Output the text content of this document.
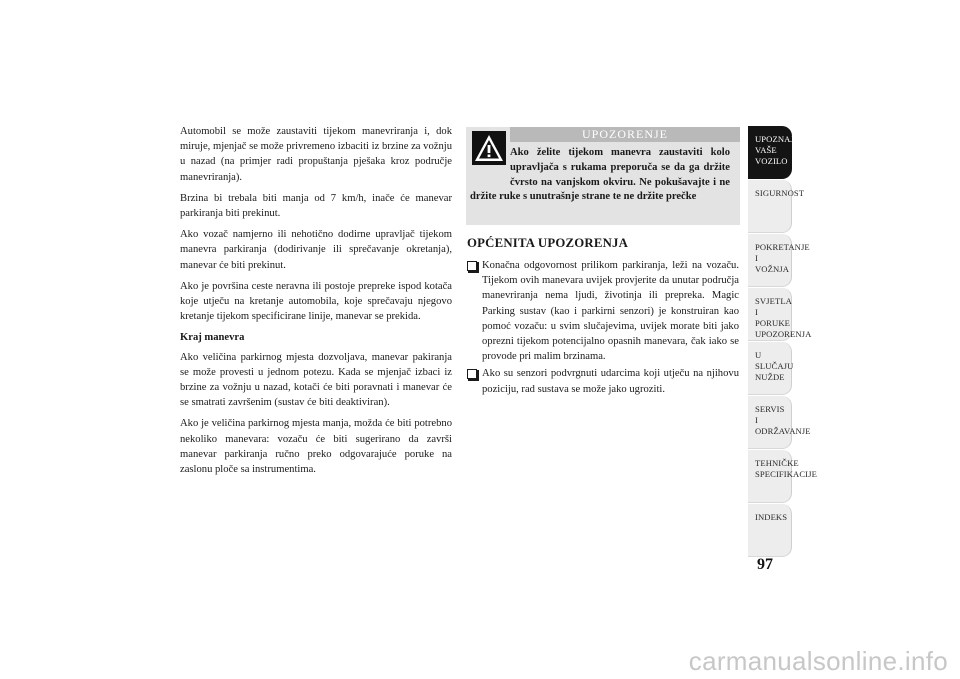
Automobil se može zaustaviti tijekom manevriranja i, dok miruje, mjenjač se može privremeno izbaciti iz brzine za vožnju u nazad (na primjer radi propuštanja pješaka kroz područje manevriranja).

Brzina bi trebala biti manja od 7 km/h, inače će manevar parkiranja biti prekinut.

Ako vozač namjerno ili nehotično dodirne upravljač tijekom manevra parkiranja (dodirivanje ili sprečavanje okretanja), manevar će biti prekinut.

Ako je površina ceste neravna ili postoje prepreke ispod kotača koje utječu na kretanje automobila, koje sprečavaju njegovo kretanje tijekom specificirane linije, manevar se prekida.

Kraj manevra

Ako veličina parkirnog mjesta dozvoljava, manevar pakiranja se može provesti u jednom potezu. Kada se mjenjač izbaci iz brzine za vožnju u nazad, kotači će biti poravnati i manevar će se smatrati završenim (sustav će biti deaktiviran).

Ako je veličina parkirnog mjesta manja, možda će biti potrebno nekoliko manevara: vozaču će biti sugerirano da završi manevar parkiranja ručno preko odgovarajuće poruke na zaslonu ploče sa instrumentima.

UPOZORENJE
Ako želite tijekom manevra zaustaviti kolo upravljača s rukama preporuča se da ga držite čvrsto na vanjskom okviru. Ne pokušavajte i ne držite ruke s unutrašnje strane te ne držite prečke
OPĆENITA UPOZORENJA
Konačna odgovornost prilikom parkiranja, leži na vozaču. Tijekom ovih manevara uvijek provjerite da unutar područja manevriranja nema ljudi, životinja ili prepreka. Magic Parking sustav (kao i parkirni senzori) je konstruiran kao pomoć vozaču: u svim slučajevima, uvijek morate biti jako oprezni tijekom potencijalno opasnih manevara, čak iako se provode pri malim brzinama.
Ako su senzori podvrgnuti udarcima koji utječu na njihovu poziciju, rad sustava se može jako ugroziti.
UPOZNAJTE
VAŠE
VOZILO
SIGURNOST
POKRETANJE
I
VOŽNJA
SVJETLA I
PORUKE
UPOZORENJA
U SLUČAJU
NUŽDE
SERVIS
I
ODRŽAVANJE
TEHNIČKE
SPECIFIKACIJE
INDEKS
97
carmanualsonline.info
